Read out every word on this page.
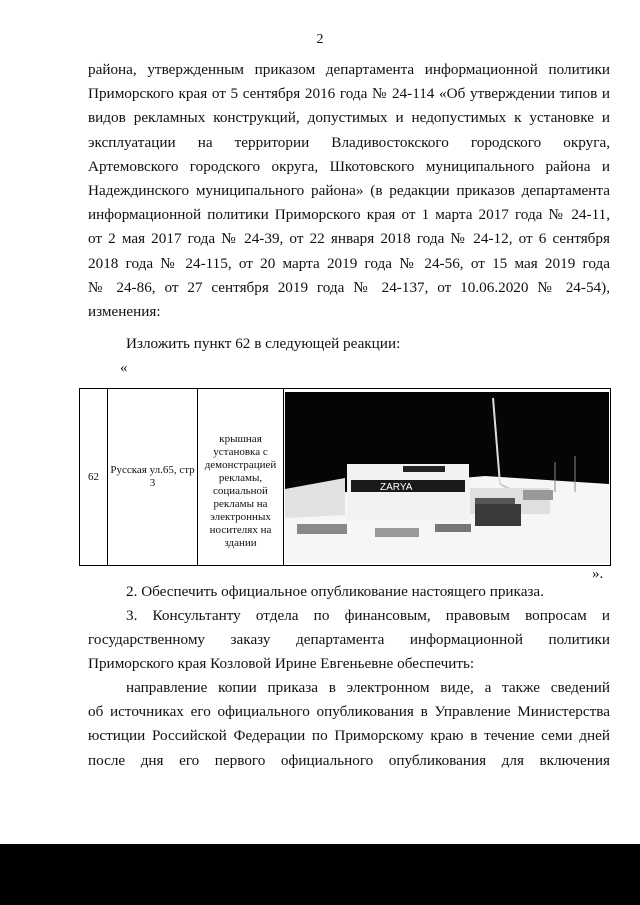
2
района, утвержденным приказом департамента информационной политики
Приморского края от 5 сентября 2016 года № 24-114 «Об утверждении типов и
видов рекламных конструкций, допустимых и недопустимых к установке и
эксплуатации на территории Владивостокского городского округа,
Артемовского городского округа, Шкотовского муниципального района и
Надеждинского муниципального района» (в редакции приказов департамента
информационной политики Приморского края от 1 марта 2017 года № 24-11,
от 2 мая 2017 года № 24-39, от 22 января 2018 года № 24-12, от 6 сентября
2018 года № 24-115, от 20 марта 2019 года № 24-56, от 15 мая 2019 года
№ 24-86, от 27 сентября 2019 года № 24-137, от 10.06.2020 № 24-54),
изменения:
Изложить пункт 62 в следующей реакции:
«
62
Русская ул.65, стр 3
крышная установка с демонстрацией рекламы, социальной рекламы на электронных носителях на здании
ZARYA
».
2. Обеспечить официальное опубликование настоящего приказа.
3. Консультанту отдела по финансовым, правовым вопросам и
государственному заказу департамента информационной политики
Приморского края Козловой Ирине Евгеньевне обеспечить:
направление копии приказа в электронном виде, а также сведений
об источниках его официального опубликования в Управление Министерства
юстиции Российской Федерации по Приморскому краю в течение семи дней
после дня его первого официального опубликования для включения
